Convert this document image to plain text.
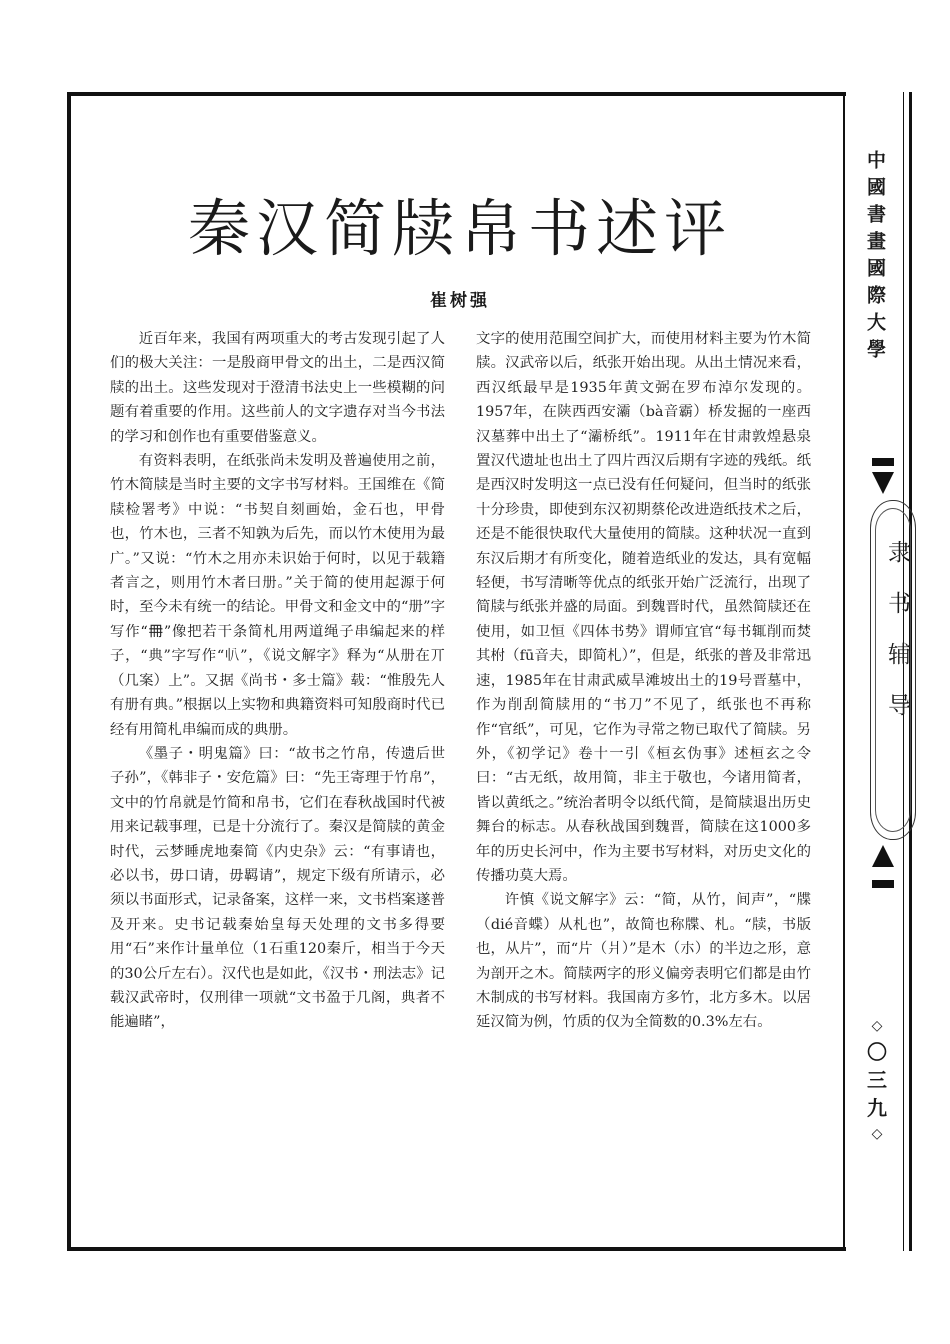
秦汉简牍帛书述评
崔树强

近百年来，我国有两项重大的考古发现引起了人们的极大关注：一是殷商甲骨文的出土，二是西汉简牍的出土。这些发现对于澄清书法史上一些模糊的问题有着重要的作用。这些前人的文字遗存对当今书法的学习和创作也有重要借鉴意义。

有资料表明，在纸张尚未发明及普遍使用之前，竹木简牍是当时主要的文字书写材料。王国维在《简牍检署考》中说：“书契自刻画始，金石也，甲骨也，竹木也，三者不知孰为后先，而以竹木使用为最广。”又说：“竹木之用亦未识始于何时，以见于载籍者言之，则用竹木者曰册。”关于简的使用起源于何时，至今未有统一的结论。甲骨文和金文中的“册”字写作“𠕋”像把若干条简札用两道绳子串编起来的样子，“典”字写作“𠔂”，《说文解字》释为“从册在丌（几案）上”。又据《尚书・多士篇》载：“惟殷先人有册有典。”根据以上实物和典籍资料可知殷商时代已经有用简札串编而成的典册。

《墨子・明鬼篇》曰：“故书之竹帛，传遗后世子孙”，《韩非子・安危篇》曰：“先王寄理于竹帛”，文中的竹帛就是竹简和帛书，它们在春秋战国时代被用来记载事理，已是十分流行了。秦汉是简牍的黄金时代，云梦睡虎地秦简《内史杂》云：“有事请也，必以书，毋口请，毋羁请”，规定下级有所请示，必须以书面形式，记录备案，这样一来，文书档案遂普及开来。史书记载秦始皇每天处理的文书多得要用“石”来作计量单位（1石重120秦斤，相当于今天的30公斤左右）。汉代也是如此，《汉书・刑法志》记载汉武帝时，仅刑律一项就“文书盈于几阁，典者不能遍睹”，

文字的使用范围空间扩大，而使用材料主要为竹木简牍。汉武帝以后，纸张开始出现。从出土情况来看，西汉纸最早是1935年黄文弼在罗布淖尔发现的。1957年，在陕西西安灞（bà音霸）桥发掘的一座西汉墓葬中出土了“灞桥纸”。1911年在甘肃敦煌悬泉置汉代遗址也出土了四片西汉后期有字迹的残纸。纸是西汉时发明这一点已没有任何疑问，但当时的纸张十分珍贵，即使到东汉初期蔡伦改进造纸技术之后，还是不能很快取代大量使用的简牍。这种状况一直到东汉后期才有所变化，随着造纸业的发达，具有宽幅轻便，书写清晰等优点的纸张开始广泛流行，出现了简牍与纸张并盛的局面。到魏晋时代，虽然简牍还在使用，如卫恒《四体书势》谓师宜官“每书辄削而焚其柎（fū音夫，即简札）”，但是，纸张的普及非常迅速，1985年在甘肃武威旱滩坡出土的19号晋墓中，作为削刮简牍用的“书刀”不见了，纸张也不再称作“官纸”，可见，它作为寻常之物已取代了简牍。另外，《初学记》卷十一引《桓玄伪事》述桓玄之令曰：“古无纸，故用简，非主于敬也，今诸用简者，皆以黄纸之。”统治者明令以纸代简，是简牍退出历史舞台的标志。从春秋战国到魏晋，简牍在这1000多年的历史长河中，作为主要书写材料，对历史文化的传播功莫大焉。

许慎《说文解字》云：“简，从竹，间声”，“牒（dié音蝶）从札也”，故简也称牒、札。“牍，书版也，从片”，而“片（爿）”是木（朩）的半边之形，意为剖开之木。简牍两字的形义偏旁表明它们都是由竹木制成的书写材料。我国南方多竹，北方多木。以居延汉简为例，竹质的仅为全简数的0.3%左右。

中國書畫國際大學
隶书辅导
◇
〇
三
九
◇
